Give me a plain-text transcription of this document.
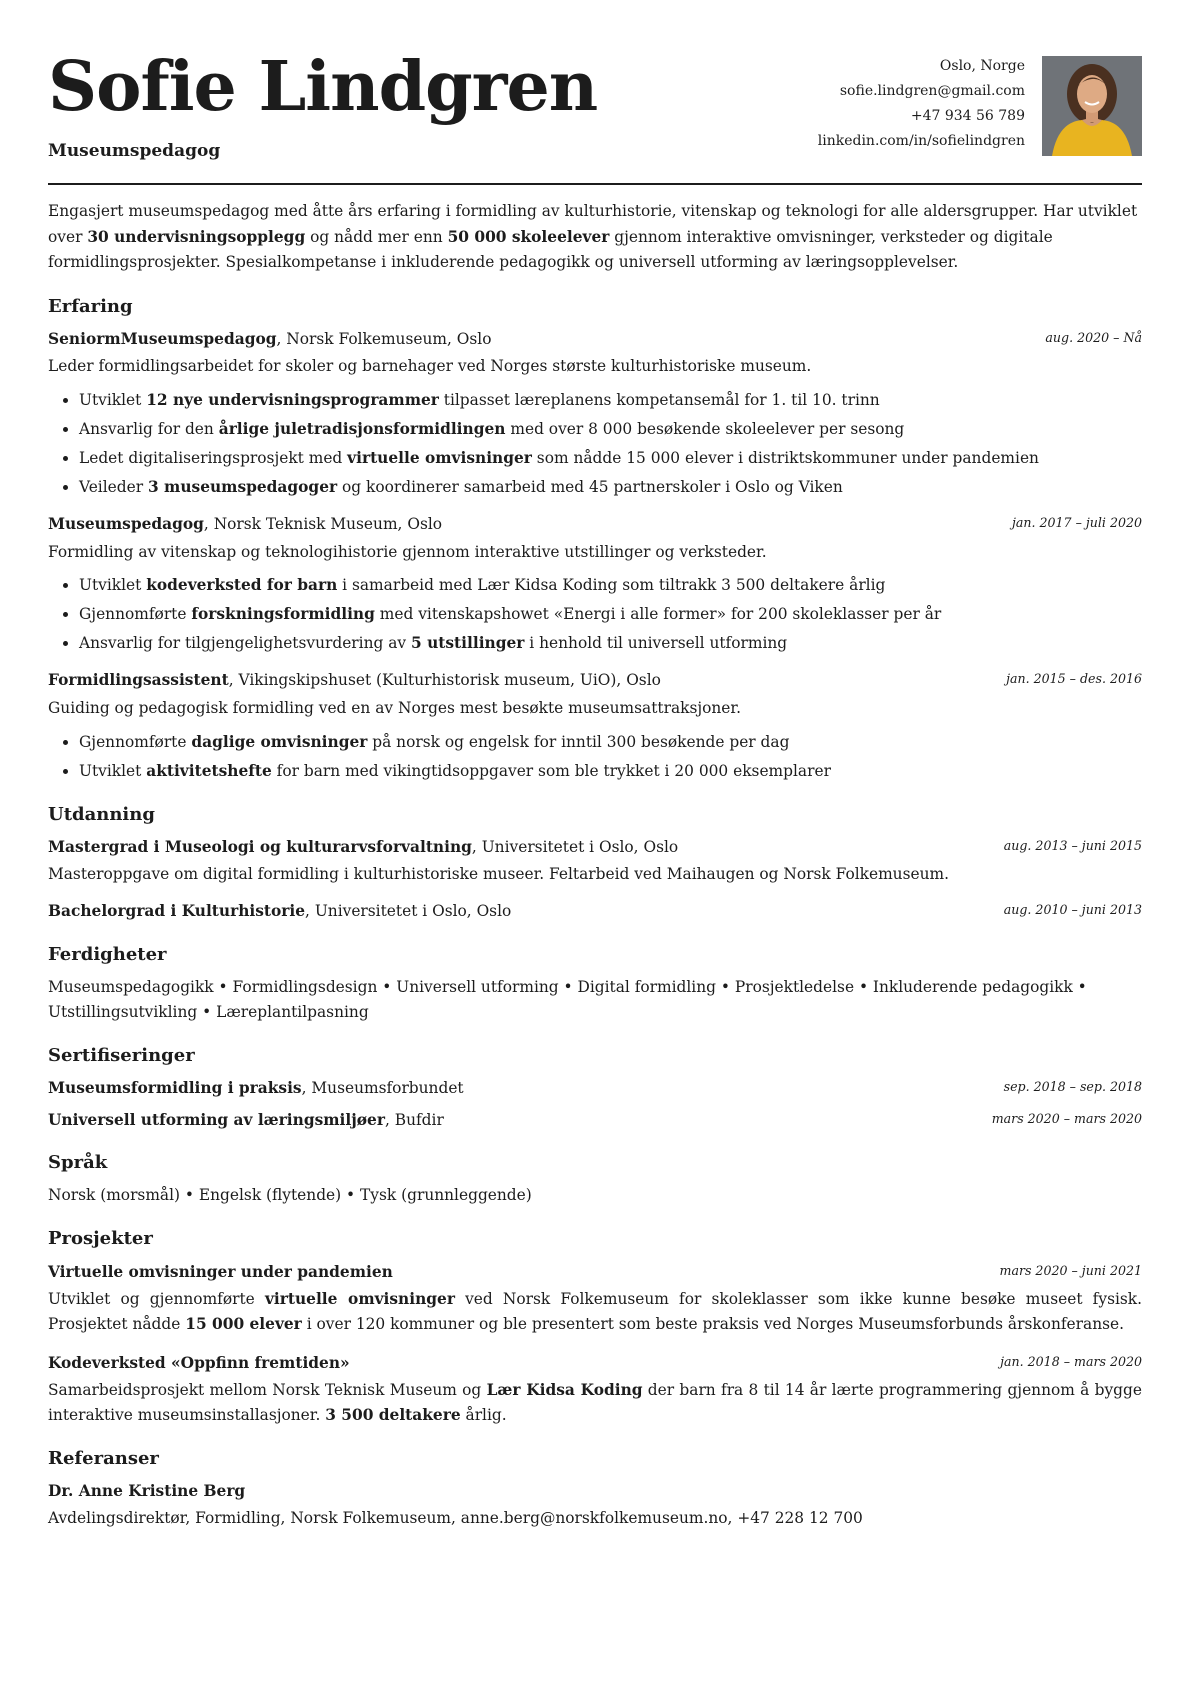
Sofie Lindgren
Museumspedagog
Oslo, Norge
sofie.lindgren@gmail.com
+47 934 56 789
linkedin.com/in/sofielindgren
Engasjert museumspedagog med åtte års erfaring i formidling av kulturhistorie, vitenskap og teknologi for alle aldersgrupper. Har utviklet over 30 undervisningsopplegg og nådd mer enn 50 000 skoleelever gjennom interaktive omvisninger, verksteder og digitale formidlingsprosjekter. Spesialkompetanse i inkluderende pedagogikk og universell utforming av læringsopplevelser.
Erfaring
SeniormMuseumspedagog, Norsk Folkemuseum, Oslo	aug. 2020 – Nå
Leder formidlingsarbeidet for skoler og barnehager ved Norges største kulturhistoriske museum.
• Utviklet 12 nye undervisningsprogrammer tilpasset læreplanens kompetansemål for 1. til 10. trinn
• Ansvarlig for den årlige juletradisjonsformidlingen med over 8 000 besøkende skoleelever per sesong
• Ledet digitaliseringsprosjekt med virtuelle omvisninger som nådde 15 000 elever i distriktskommuner under pandemien
• Veileder 3 museumspedagoger og koordinerer samarbeid med 45 partnerskoler i Oslo og Viken
Museumspedagog, Norsk Teknisk Museum, Oslo	jan. 2017 – juli 2020
Formidling av vitenskap og teknologihistorie gjennom interaktive utstillinger og verksteder.
• Utviklet kodeverksted for barn i samarbeid med Lær Kidsa Koding som tiltrakk 3 500 deltakere årlig
• Gjennomførte forskningsformidling med vitenskapshowet «Energi i alle former» for 200 skoleklasser per år
• Ansvarlig for tilgjengelighetsvurdering av 5 utstillinger i henhold til universell utforming
Formidlingsassistent, Vikingskipshuset (Kulturhistorisk museum, UiO), Oslo	jan. 2015 – des. 2016
Guiding og pedagogisk formidling ved en av Norges mest besøkte museumsattraksjoner.
• Gjennomførte daglige omvisninger på norsk og engelsk for inntil 300 besøkende per dag
• Utviklet aktivitetshefte for barn med vikingtidsoppgaver som ble trykket i 20 000 eksemplarer
Utdanning
Mastergrad i Museologi og kulturarvsforvaltning, Universitetet i Oslo, Oslo	aug. 2013 – juni 2015
Masteroppgave om digital formidling i kulturhistoriske museer. Feltarbeid ved Maihaugen og Norsk Folkemuseum.
Bachelorgrad i Kulturhistorie, Universitetet i Oslo, Oslo	aug. 2010 – juni 2013
Ferdigheter
Museumspedagogikk • Formidlingsdesign • Universell utforming • Digital formidling • Prosjektledelse • Inkluderende pedagogikk • Utstillingsutvikling • Læreplantilpasning
Sertifiseringer
Museumsformidling i praksis, Museumsforbundet	sep. 2018 – sep. 2018
Universell utforming av læringsmiljøer, Bufdir	mars 2020 – mars 2020
Språk
Norsk (morsmål) • Engelsk (flytende) • Tysk (grunnleggende)
Prosjekter
Virtuelle omvisninger under pandemien	mars 2020 – juni 2021
Utviklet og gjennomførte virtuelle omvisninger ved Norsk Folkemuseum for skoleklasser som ikke kunne besøke museet fysisk. Prosjektet nådde 15 000 elever i over 120 kommuner og ble presentert som beste praksis ved Norges Museumsforbunds årskonferanse.
Kodeverksted «Oppfinn fremtiden»	jan. 2018 – mars 2020
Samarbeidsprosjekt mellom Norsk Teknisk Museum og Lær Kidsa Koding der barn fra 8 til 14 år lærte programmering gjennom å bygge interaktive museumsinstallasjoner. 3 500 deltakere årlig.
Referanser
Dr. Anne Kristine Berg
Avdelingsdirektør, Formidling, Norsk Folkemuseum, anne.berg@norskfolkemuseum.no, +47 228 12 700
